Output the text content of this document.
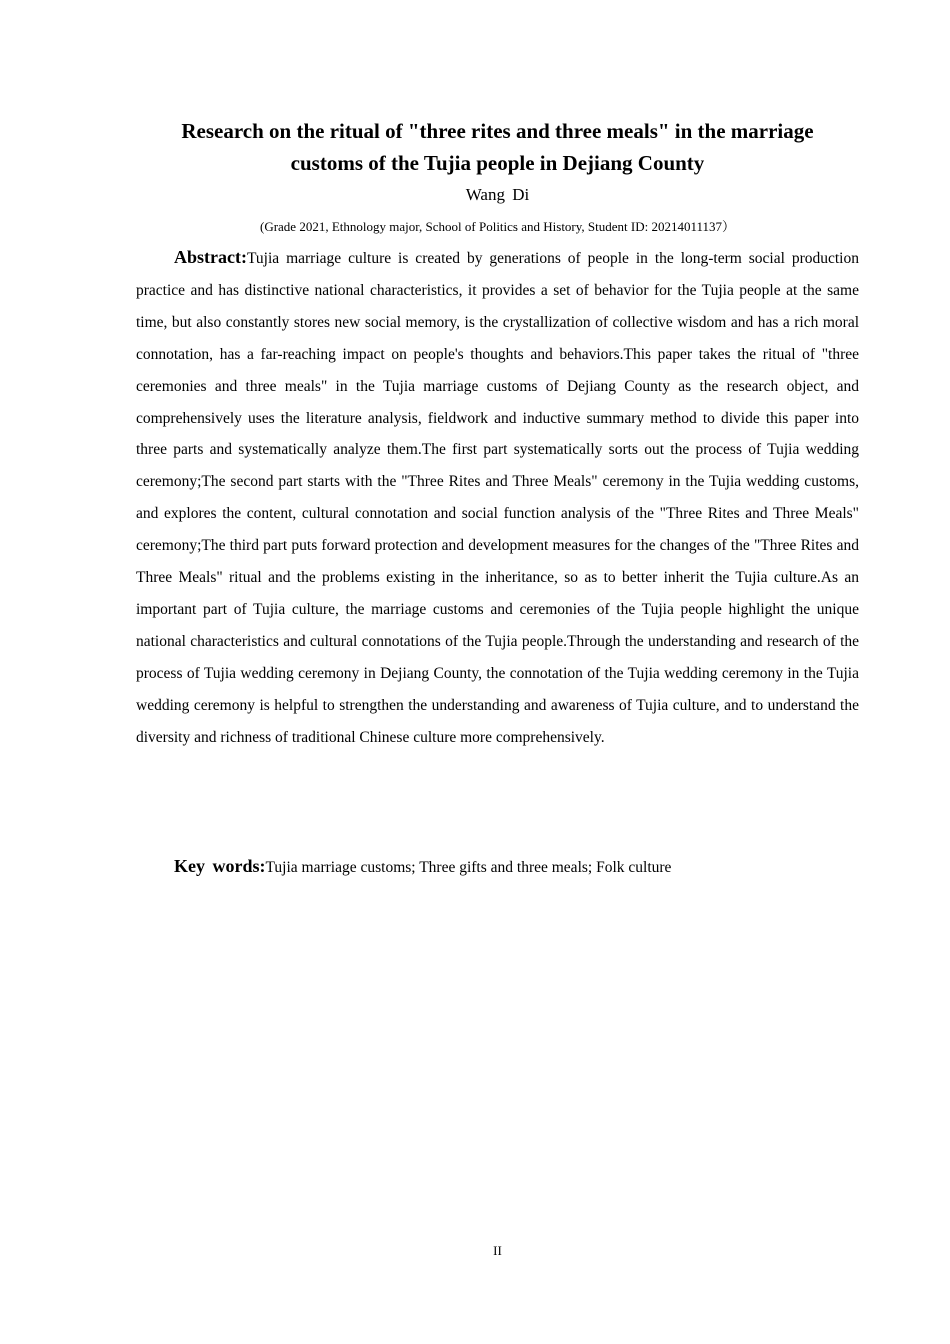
Research on the ritual of "three rites and three meals" in the marriage
customs of the Tujia people in Dejiang County
Wang Di
(Grade 2021, Ethnology major, School of Politics and History, Student ID: 20214011137）

Abstract:Tujia marriage culture is created by generations of people in the long-term social production practice and has distinctive national characteristics, it provides a set of behavior for the Tujia people at the same time, but also constantly stores new social memory, is the crystallization of collective wisdom and has a rich moral connotation, has a far-reaching impact on people's thoughts and behaviors.This paper takes the ritual of "three ceremonies and three meals" in the Tujia marriage customs of Dejiang County as the research object, and comprehensively uses the literature analysis, fieldwork and inductive summary method to divide this paper into three parts and systematically analyze them.The first part systematically sorts out the process of Tujia wedding ceremony;The second part starts with the "Three Rites and Three Meals" ceremony in the Tujia wedding customs, and explores the content, cultural connotation and social function analysis of the "Three Rites and Three Meals" ceremony;The third part puts forward protection and development measures for the changes of the "Three Rites and Three Meals" ritual and the problems existing in the inheritance, so as to better inherit the Tujia culture.As an important part of Tujia culture, the marriage customs and ceremonies of the Tujia people highlight the unique national characteristics and cultural connotations of the Tujia people.Through the understanding and research of the process of Tujia wedding ceremony in Dejiang County, the connotation of the Tujia wedding ceremony in the Tujia wedding ceremony is helpful to strengthen the understanding and awareness of Tujia culture, and to understand the diversity and richness of traditional Chinese culture more comprehensively.

Key words:Tujia marriage customs; Three gifts and three meals; Folk culture

II
